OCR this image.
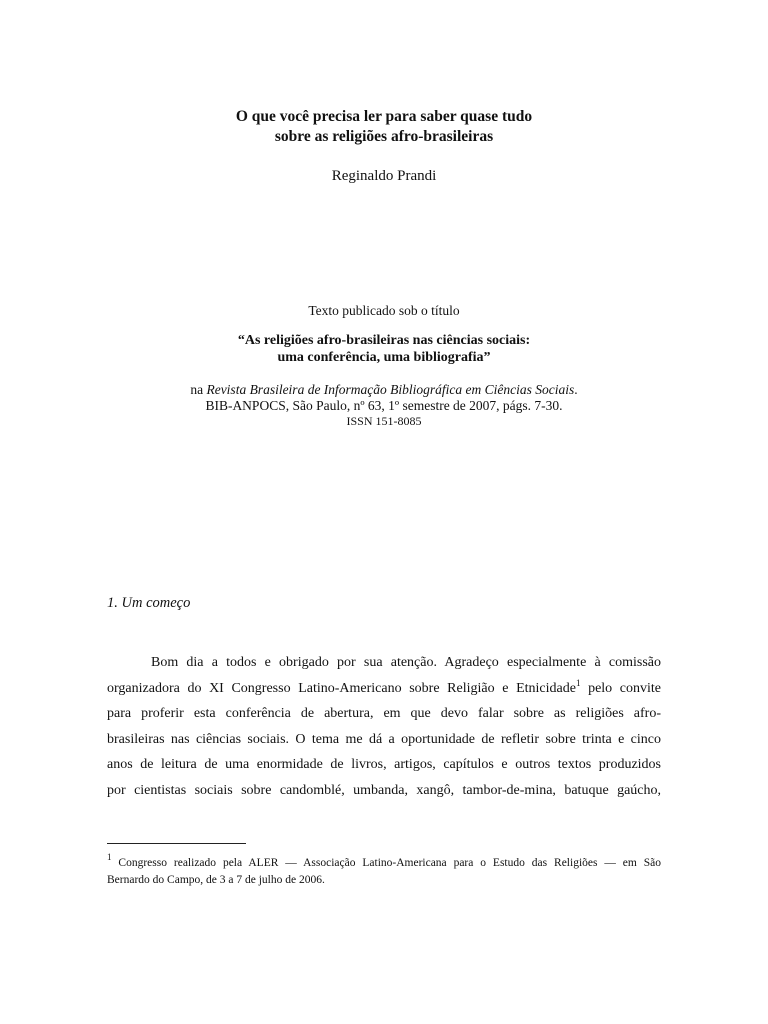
O que você precisa ler para saber quase tudo
sobre as religiões afro-brasileiras
Reginaldo Prandi
Texto publicado sob o título
“As religiões afro-brasileiras nas ciências sociais:
uma conferência, uma bibliografia”
na Revista Brasileira de Informação Bibliográfica em Ciências Sociais.
BIB-ANPOCS, São Paulo, nº 63, 1º semestre de 2007, págs. 7-30.
ISSN 151-8085
1. Um começo
Bom dia a todos e obrigado por sua atenção. Agradeço especialmente à comissão
organizadora do XI Congresso Latino-Americano sobre Religião e Etnicidade$^1$ pelo convite
para proferir esta conferência de abertura, em que devo falar sobre as religiões afro-
brasileiras nas ciências sociais. O tema me dá a oportunidade de refletir sobre trinta e cinco
anos de leitura de uma enormidade de livros, artigos, capítulos e outros textos produzidos
por cientistas sociais sobre candomblé, umbanda, xangô, tambor-de-mina, batuque gaúcho,
$^1$ Congresso realizado pela ALER — Associação Latino-Americana para o Estudo das Religiões — em São
Bernardo do Campo, de 3 a 7 de julho de 2006.
